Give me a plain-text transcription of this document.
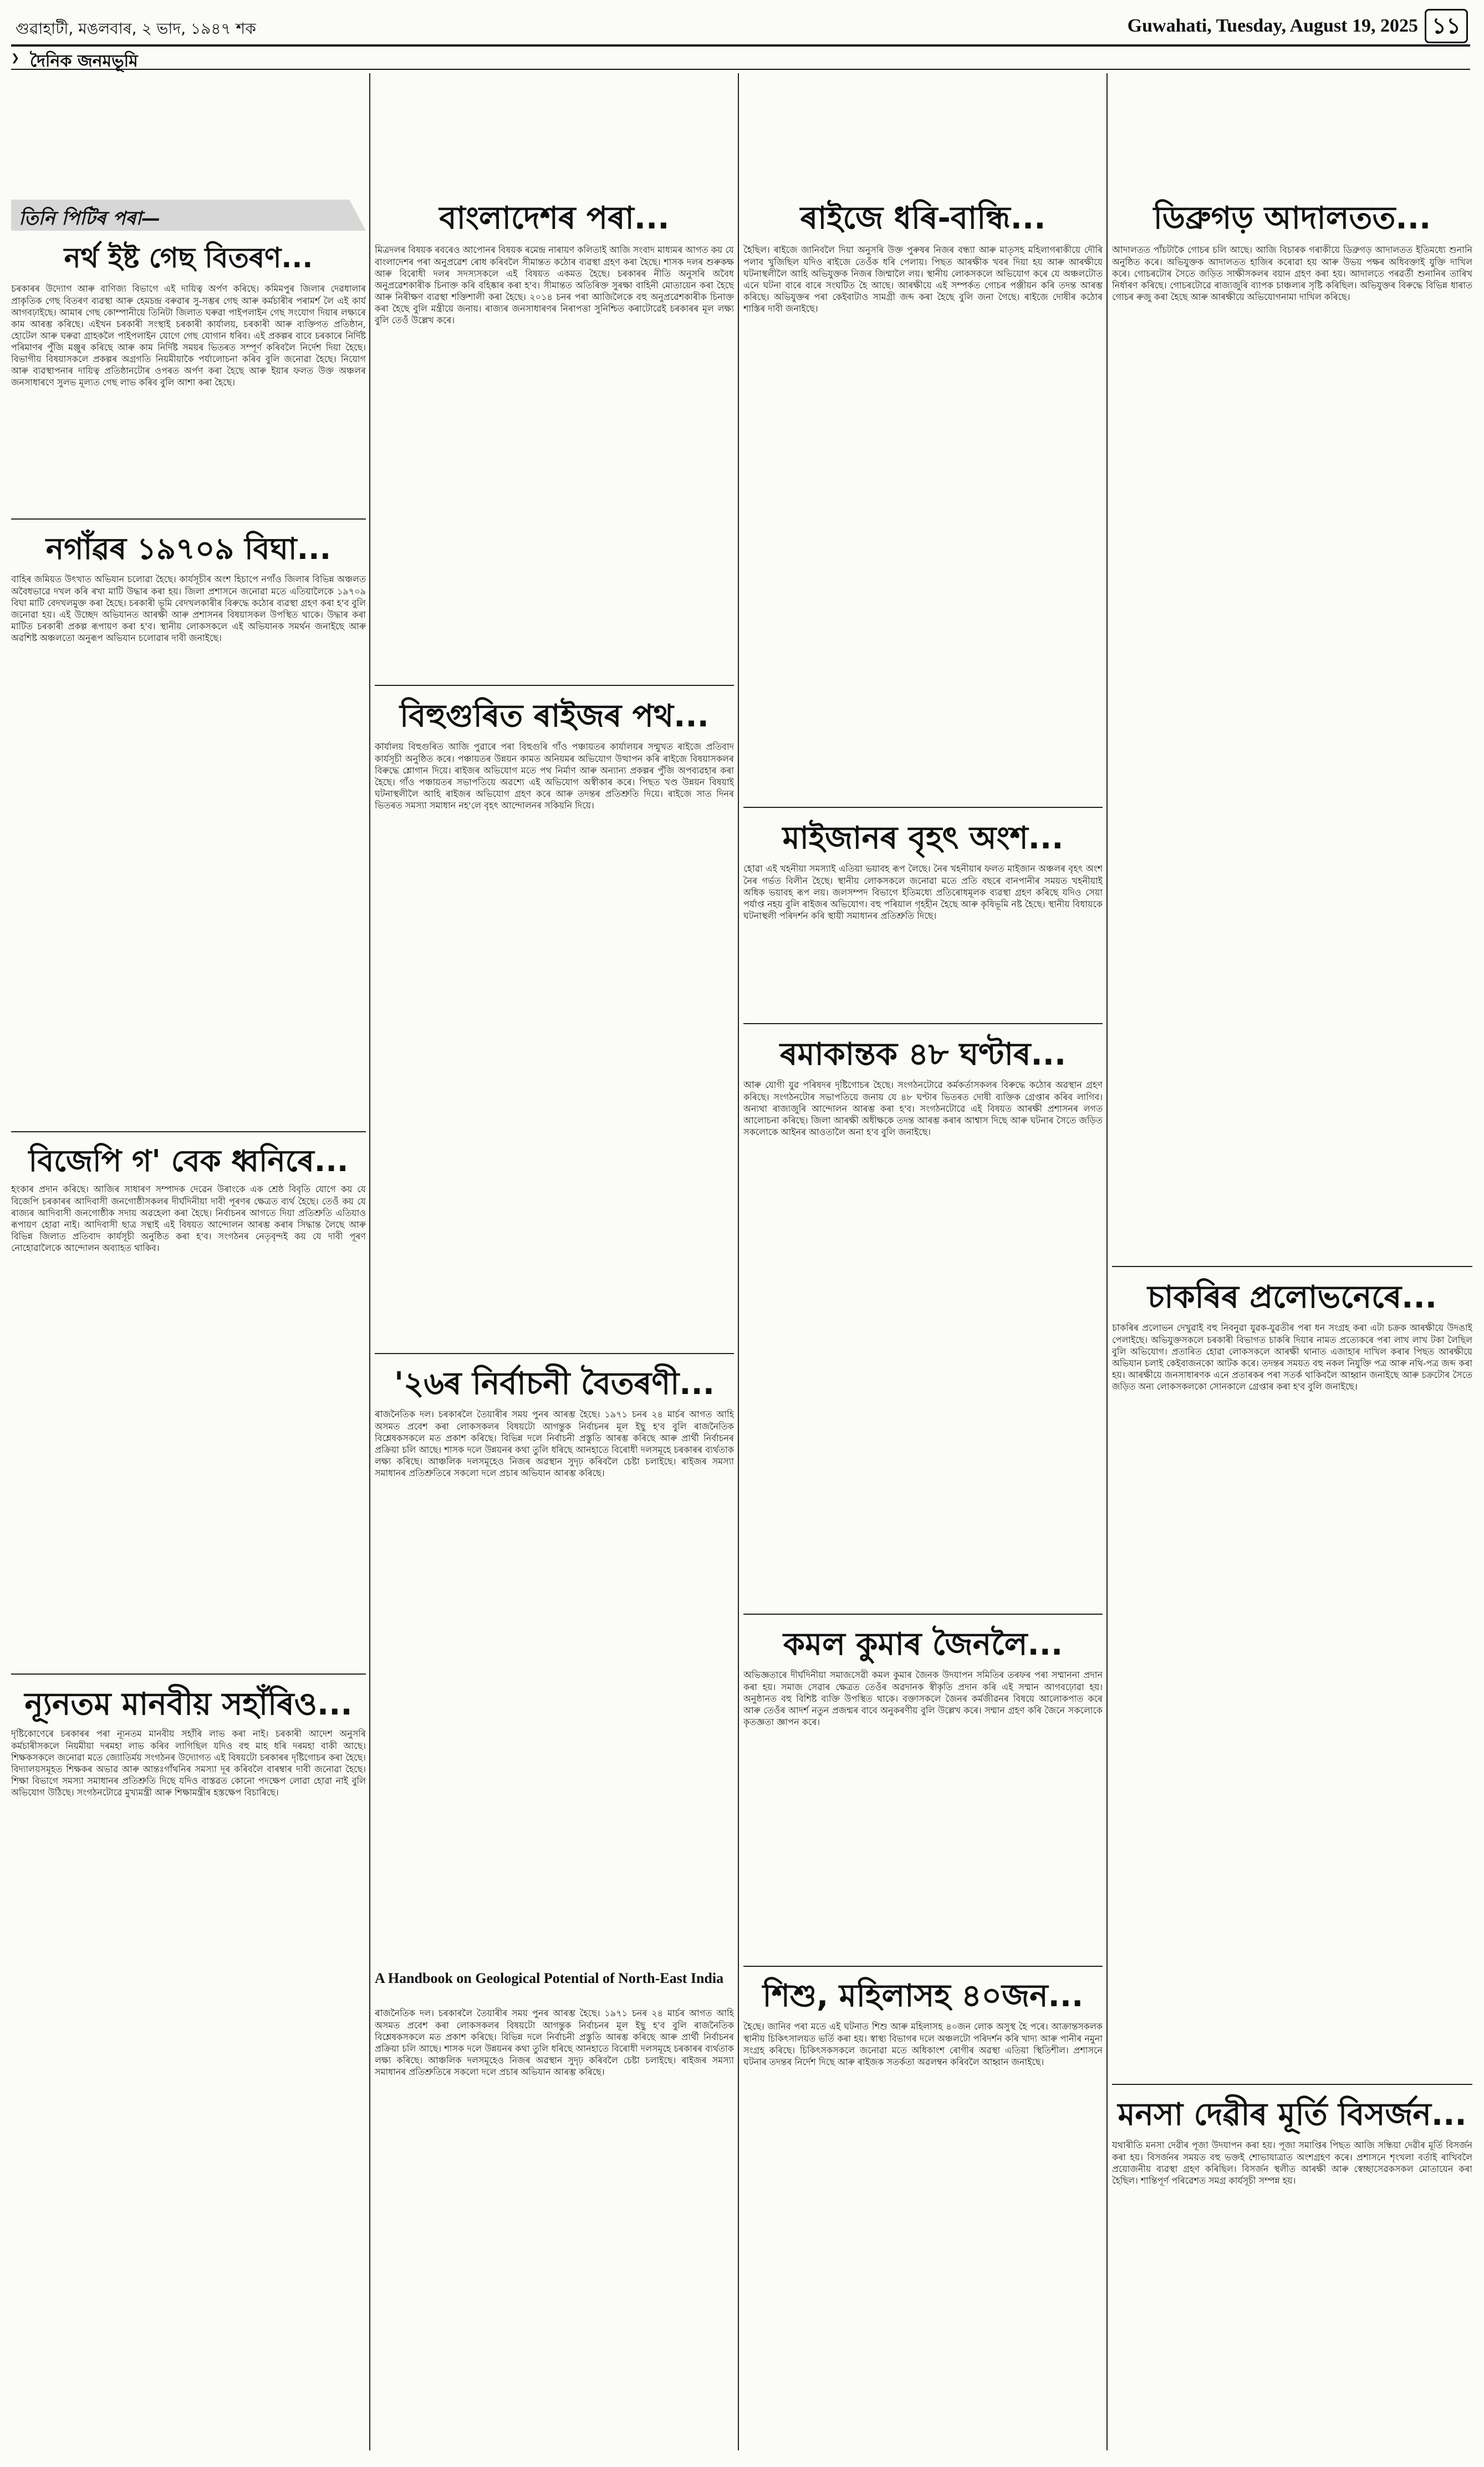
গুৱাহাটী, মঙলবাৰ, ২ ভাদ, ১৯৪৭ শক	Guwahati, Tuesday, August 19, 2025 ১১
❯ দৈনিক জনমভূমি
তিনি পিটিৰ পৰা—
নৰ্থ ইষ্ট গেছ বিতৰণ...
চৰকাৰৰ উদ্যোগ আৰু বাণিজ্য বিভাগে এই দায়িত্ব অৰ্পণ কৰিছে। কমিমপুৰ জিলাৰ দেৱধালাৰ প্ৰাকৃতিক গেছ বিতৰণ ব্যৱস্থা আৰু হেমচন্দ্ৰ বৰুৱাৰ সু-সম্ভৰ গেছ আৰু কৰ্মচাৰীৰ পৰামৰ্শ লৈ এই কাৰ্য আগবঢ়াইছে। আমাৰ গেছ কোম্পানীয়ে তিনিটা জিলাত ঘৰুৱা পাইপলাইন গেছ সংযোগ দিয়াৰ লক্ষ্যৰে কাম আৰম্ভ কৰিছে। এইখন চৰকাৰী সংস্থাই চৰকাৰী কাৰ্যালয়, চৰকাৰী আৰু ব্যক্তিগত প্ৰতিষ্ঠান, হোটেল আৰু ঘৰুৱা গ্ৰাহকলৈ পাইপলাইন যোগে গেছ যোগান ধৰিব। এই প্ৰকল্পৰ বাবে চৰকাৰে নিৰ্দিষ্ট পৰিমাণৰ পুঁজি মঞ্জুৰ কৰিছে আৰু কাম নিৰ্দিষ্ট সময়ৰ ভিতৰত সম্পূৰ্ণ কৰিবলৈ নিৰ্দেশ দিয়া হৈছে। বিভাগীয় বিষয়াসকলে প্ৰকল্পৰ অগ্ৰগতি নিয়মীয়াকৈ পৰ্যালোচনা কৰিব বুলি জনোৱা হৈছে। নিয়োগ আৰু ব্যৱস্থাপনাৰ দায়িত্ব প্ৰতিষ্ঠানটোৰ ওপৰত অৰ্পণ কৰা হৈছে আৰু ইয়াৰ ফলত উক্ত অঞ্চলৰ জনসাধাৰণে সুলভ মূল্যত গেছ লাভ কৰিব বুলি আশা কৰা হৈছে।
নগাঁৱৰ ১৯৭০৯ বিঘা...
বাহিৰ জমিয়ত উৎখাত অভিযান চলোৱা হৈছে। কাৰ্যসূচীৰ অংশ হিচাপে নগাঁও জিলাৰ বিভিন্ন অঞ্চলত অবৈধভাৱে দখল কৰি ৰখা মাটি উদ্ধাৰ কৰা হয়। জিলা প্ৰশাসনে জনোৱা মতে এতিয়ালৈকে ১৯৭০৯ বিঘা মাটি বেদখলমুক্ত কৰা হৈছে। চৰকাৰী ভূমি বেদখলকাৰীৰ বিৰুদ্ধে কঠোৰ ব্যৱস্থা গ্ৰহণ কৰা হ'ব বুলি জনোৱা হয়। এই উচ্ছেদ অভিযানত আৰক্ষী আৰু প্ৰশাসনৰ বিষয়াসকল উপস্থিত থাকে। উদ্ধাৰ কৰা মাটিত চৰকাৰী প্ৰকল্প ৰূপায়ণ কৰা হ'ব। স্থানীয় লোকসকলে এই অভিযানক সমৰ্থন জনাইছে আৰু অৱশিষ্ট অঞ্চলতো অনুৰূপ অভিযান চলোৱাৰ দাবী জনাইছে।
বিজেপি গ' বেক ধ্বনিৰে...
হংকাৰ প্ৰদান কৰিছে। আজিৰ সাধাৰণ সম্পাদক দেৱেন উৰাংকে এক শ্ৰেষ্ঠ বিবৃতি যোগে কয় যে বিজেপি চৰকাৰৰ আদিবাসী জনগোষ্ঠীসকলৰ দীৰ্ঘদিনীয়া দাবী পূৰণৰ ক্ষেত্ৰত ব্যৰ্থ হৈছে। তেওঁ কয় যে ৰাজ্যৰ আদিবাসী জনগোষ্ঠীক সদায় অৱহেলা কৰা হৈছে। নিৰ্বাচনৰ আগতে দিয়া প্ৰতিশ্ৰুতি এতিয়াও ৰূপায়ণ হোৱা নাই। আদিবাসী ছাত্ৰ সন্থাই এই বিষয়ত আন্দোলন আৰম্ভ কৰাৰ সিদ্ধান্ত লৈছে আৰু বিভিন্ন জিলাত প্ৰতিবাদ কাৰ্যসূচী অনুষ্ঠিত কৰা হ'ব। সংগঠনৰ নেতৃবৃন্দই কয় যে দাবী পূৰণ নোহোৱালৈকে আন্দোলন অব্যাহত থাকিব।
ন্যূনতম মানবীয় সহাঁৰিও...
দৃষ্টিকোণেৰে চৰকাৰৰ পৰা ন্যূনতম মানবীয় সহাঁৰি লাভ কৰা নাই। চৰকাৰী আদেশ অনুসৰি কৰ্মচাৰীসকলে নিয়মীয়া দৰমহা লাভ কৰিব লাগিছিল যদিও বহু মাহ ধৰি দৰমহা বাকী আছে। শিক্ষকসকলে জনোৱা মতে জ্যোতিৰ্ময় সংগঠনৰ উদ্যোগত এই বিষয়টো চৰকাৰৰ দৃষ্টিগোচৰ কৰা হৈছে। বিদ্যালয়সমূহত শিক্ষকৰ অভাৱ আৰু আন্তঃগাঁথনিৰ সমস্যা দূৰ কৰিবলৈ বাৰম্বাৰ দাবী জনোৱা হৈছে। শিক্ষা বিভাগে সমস্যা সমাধানৰ প্ৰতিশ্ৰুতি দিছে যদিও বাস্তৱত কোনো পদক্ষেপ লোৱা হোৱা নাই বুলি অভিযোগ উঠিছে। সংগঠনটোৱে মুখ্যমন্ত্ৰী আৰু শিক্ষামন্ত্ৰীৰ হস্তক্ষেপ বিচাৰিছে।
বাংলাদেশৰ পৰা...
মিত্ৰদলৰ বিষয়ক ৰবৰেও আপোনৰ বিষয়ক ৰমেন্দ্ৰ নাৰায়ণ কলিতাই আজি সংবাদ মাধ্যমৰ আগত কয় যে বাংলাদেশৰ পৰা অনুপ্ৰৱেশ ৰোধ কৰিবলৈ সীমান্তত কঠোৰ ব্যৱস্থা গ্ৰহণ কৰা হৈছে। শাসক দলৰ শুৰুকক্ষ আৰু বিৰোধী দলৰ সদস্যসকলে এই বিষয়ত একমত হৈছে। চৰকাৰৰ নীতি অনুসৰি অবৈধ অনুপ্ৰৱেশকাৰীক চিনাক্ত কৰি বহিষ্কাৰ কৰা হ'ব। সীমান্তত অতিৰিক্ত সুৰক্ষা বাহিনী মোতায়েন কৰা হৈছে আৰু নিৰীক্ষণ ব্যৱস্থা শক্তিশালী কৰা হৈছে। ২০১৪ চনৰ পৰা আজিলৈকে বহু অনুপ্ৰৱেশকাৰীক চিনাক্ত কৰা হৈছে বুলি মন্ত্ৰীয়ে জনায়। ৰাজ্যৰ জনসাধাৰণৰ নিৰাপত্তা সুনিশ্চিত কৰাটোৱেই চৰকাৰৰ মূল লক্ষ্য বুলি তেওঁ উল্লেখ কৰে।
বিহুগুৰিত ৰাইজৰ পথ...
কাৰ্যালয় বিহুগুৰিত আজি পুৱাৰে পৰা বিহুগুৰি গাঁও পঞ্চায়তৰ কাৰ্যালয়ৰ সন্মুখত ৰাইজে প্ৰতিবাদ কাৰ্যসূচী অনুষ্ঠিত কৰে। পঞ্চায়তৰ উন্নয়ন কামত অনিয়মৰ অভিযোগ উত্থাপন কৰি ৰাইজে বিষয়াসকলৰ বিৰুদ্ধে শ্লোগান দিয়ে। ৰাইজৰ অভিযোগ মতে পথ নিৰ্মাণ আৰু অন্যান্য প্ৰকল্পৰ পুঁজি অপব্যৱহাৰ কৰা হৈছে। গাঁও পঞ্চায়তৰ সভাপতিয়ে অৱশ্যে এই অভিযোগ অস্বীকাৰ কৰে। পিছত খণ্ড উন্নয়ন বিষয়াই ঘটনাস্থলীলৈ আহি ৰাইজৰ অভিযোগ গ্ৰহণ কৰে আৰু তদন্তৰ প্ৰতিশ্ৰুতি দিয়ে। ৰাইজে সাত দিনৰ ভিতৰত সমস্যা সমাধান নহ'লে বৃহৎ আন্দোলনৰ সকিয়নি দিয়ে।
'২৬ৰ নিৰ্বাচনী বৈতৰণী...
ৰাজনৈতিক দল। চৰকাৰলৈ তৈয়াৰীৰ সময় পুনৰ আৰম্ভ হৈছে। ১৯৭১ চনৰ ২৪ মাৰ্চৰ আগত আহি অসমত প্ৰবেশ কৰা লোকসকলৰ বিষয়টো আগন্তুক নিৰ্বাচনৰ মূল ইছু হ'ব বুলি ৰাজনৈতিক বিশ্লেষকসকলে মত প্ৰকাশ কৰিছে। বিভিন্ন দলে নিৰ্বাচনী প্ৰস্তুতি আৰম্ভ কৰিছে আৰু প্ৰাৰ্থী নিৰ্বাচনৰ প্ৰক্ৰিয়া চলি আছে। শাসক দলে উন্নয়নৰ কথা তুলি ধৰিছে আনহাতে বিৰোধী দলসমূহে চৰকাৰৰ ব্যৰ্থতাক লক্ষ্য কৰিছে। আঞ্চলিক দলসমূহেও নিজৰ অৱস্থান সুদৃঢ় কৰিবলৈ চেষ্টা চলাইছে। ৰাইজৰ সমস্যা সমাধানৰ প্ৰতিশ্ৰুতিৰে সকলো দলে প্ৰচাৰ অভিযান আৰম্ভ কৰিছে।
A Handbook on Geological Potential of North-East India
ৰাজনৈতিক দল। চৰকাৰলৈ তৈয়াৰীৰ সময় পুনৰ আৰম্ভ হৈছে। ১৯৭১ চনৰ ২৪ মাৰ্চৰ আগত আহি অসমত প্ৰবেশ কৰা লোকসকলৰ বিষয়টো আগন্তুক নিৰ্বাচনৰ মূল ইছু হ'ব বুলি ৰাজনৈতিক বিশ্লেষকসকলে মত প্ৰকাশ কৰিছে। বিভিন্ন দলে নিৰ্বাচনী প্ৰস্তুতি আৰম্ভ কৰিছে আৰু প্ৰাৰ্থী নিৰ্বাচনৰ প্ৰক্ৰিয়া চলি আছে। শাসক দলে উন্নয়নৰ কথা তুলি ধৰিছে আনহাতে বিৰোধী দলসমূহে চৰকাৰৰ ব্যৰ্থতাক লক্ষ্য কৰিছে। আঞ্চলিক দলসমূহেও নিজৰ অৱস্থান সুদৃঢ় কৰিবলৈ চেষ্টা চলাইছে। ৰাইজৰ সমস্যা সমাধানৰ প্ৰতিশ্ৰুতিৰে সকলো দলে প্ৰচাৰ অভিযান আৰম্ভ কৰিছে।
ৰাইজে ধৰি-বান্ধি...
হৈছিল। ৰাইজে জানিবলৈ দিয়া অনুসৰি উক্ত পুৰুষৰ নিজৰ বন্ধ্যা আৰু মাতৃসহ মহিলাগৰাকীয়ে দৌৰি পলাব খুজিছিল যদিও ৰাইজে তেওঁক ধৰি পেলায়। পিছত আৰক্ষীক খবৰ দিয়া হয় আৰু আৰক্ষীয়ে ঘটনাস্থলীলৈ আহি অভিযুক্তক নিজৰ জিম্মালৈ লয়। স্থানীয় লোকসকলে অভিযোগ কৰে যে অঞ্চলটোত এনে ঘটনা বাৰে বাৰে সংঘটিত হৈ আছে। আৰক্ষীয়ে এই সম্পৰ্কত গোচৰ পঞ্জীয়ন কৰি তদন্ত আৰম্ভ কৰিছে। অভিযুক্তৰ পৰা কেইবাটাও সামগ্ৰী জব্দ কৰা হৈছে বুলি জনা গৈছে। ৰাইজে দোষীৰ কঠোৰ শাস্তিৰ দাবী জনাইছে।
মাইজানৰ বৃহৎ অংশ...
হোৱা এই খহনীয়া সমস্যাই এতিয়া ভয়াবহ ৰূপ লৈছে। নৈৰ খহনীয়াৰ ফলত মাইজান অঞ্চলৰ বৃহৎ অংশ নৈৰ গৰ্ভত বিলীন হৈছে। স্থানীয় লোকসকলে জনোৱা মতে প্ৰতি বছৰে বানপানীৰ সময়ত খহনীয়াই অধিক ভয়াবহ ৰূপ লয়। জলসম্পদ বিভাগে ইতিমধ্যে প্ৰতিৰোধমূলক ব্যৱস্থা গ্ৰহণ কৰিছে যদিও সেয়া পৰ্যাপ্ত নহয় বুলি ৰাইজৰ অভিযোগ। বহু পৰিয়াল গৃহহীন হৈছে আৰু কৃষিভূমি নষ্ট হৈছে। স্থানীয় বিধায়কে ঘটনাস্থলী পৰিদৰ্শন কৰি স্থায়ী সমাধানৰ প্ৰতিশ্ৰুতি দিছে।
ৰমাকান্তক ৪৮ ঘণ্টাৰ...
আৰু যোগী যুৱ পৰিষদৰ দৃষ্টিগোচৰ হৈছে। সংগঠনটোৱে কৰ্মকৰ্তাসকলৰ বিৰুদ্ধে কঠোৰ অৱস্থান গ্ৰহণ কৰিছে। সংগঠনটোৰ সভাপতিয়ে জনায় যে ৪৮ ঘণ্টাৰ ভিতৰত দোষী ব্যক্তিক গ্ৰেপ্তাৰ কৰিব লাগিব। অন্যথা ৰাজ্যজুৰি আন্দোলন আৰম্ভ কৰা হ'ব। সংগঠনটোৱে এই বিষয়ত আৰক্ষী প্ৰশাসনৰ লগত আলোচনা কৰিছে। জিলা আৰক্ষী অধীক্ষকে তদন্ত আৰম্ভ কৰাৰ আশ্বাস দিছে আৰু ঘটনাৰ সৈতে জড়িত সকলোকে আইনৰ আওতালৈ অনা হ'ব বুলি জনাইছে।
কমল কুমাৰ জৈনলৈ...
অভিজ্ঞতাৰে দীৰ্ঘদিনীয়া সমাজসেৱী কমল কুমাৰ জৈনক উদযাপন সমিতিৰ তৰফৰ পৰা সম্মাননা প্ৰদান কৰা হয়। সমাজ সেৱাৰ ক্ষেত্ৰত তেওঁৰ অৱদানক স্বীকৃতি প্ৰদান কৰি এই সম্মান আগবঢ়োৱা হয়। অনুষ্ঠানত বহু বিশিষ্ট ব্যক্তি উপস্থিত থাকে। বক্তাসকলে জৈনৰ কৰ্মজীৱনৰ বিষয়ে আলোকপাত কৰে আৰু তেওঁৰ আদৰ্শ নতুন প্ৰজন্মৰ বাবে অনুকৰণীয় বুলি উল্লেখ কৰে। সম্মান গ্ৰহণ কৰি জৈনে সকলোকে কৃতজ্ঞতা জ্ঞাপন কৰে।
শিশু, মহিলাসহ ৪০জন...
হৈছে। জানিব পৰা মতে এই ঘটনাত শিশু আৰু মহিলাসহ ৪০জন লোক অসুস্থ হৈ পৰে। আক্ৰান্তসকলক স্থানীয় চিকিৎসালয়ত ভৰ্তি কৰা হয়। স্বাস্থ্য বিভাগৰ দলে অঞ্চলটো পৰিদৰ্শন কৰি খাদ্য আৰু পানীৰ নমুনা সংগ্ৰহ কৰিছে। চিকিৎসকসকলে জনোৱা মতে অধিকাংশ ৰোগীৰ অৱস্থা এতিয়া স্থিতিশীল। প্ৰশাসনে ঘটনাৰ তদন্তৰ নিৰ্দেশ দিছে আৰু ৰাইজক সতৰ্কতা অৱলম্বন কৰিবলৈ আহ্বান জনাইছে।
ডিব্ৰুগড় আদালতত...
আদালতত পাঁচটাকৈ গোচৰ চলি আছে। আজি বিচাৰক গৰাকীয়ে ডিব্ৰুগড় আদালতত ইতিমধ্যে শুনানি অনুষ্ঠিত কৰে। অভিযুক্তক আদালতত হাজিৰ কৰোৱা হয় আৰু উভয় পক্ষৰ অধিবক্তাই যুক্তি দাখিল কৰে। গোচৰটোৰ সৈতে জড়িত সাক্ষীসকলৰ বয়ান গ্ৰহণ কৰা হয়। আদালতে পৰৱৰ্তী শুনানিৰ তাৰিখ নিৰ্ধাৰণ কৰিছে। গোচৰটোৱে ৰাজ্যজুৰি ব্যাপক চাঞ্চল্যৰ সৃষ্টি কৰিছিল। অভিযুক্তৰ বিৰুদ্ধে বিভিন্ন ধাৰাত গোচৰ ৰুজু কৰা হৈছে আৰু আৰক্ষীয়ে অভিযোগনামা দাখিল কৰিছে।
চাকৰিৰ প্ৰলোভনেৰে...
চাকৰিৰ প্ৰলোভন দেখুৱাই বহু নিবনুৱা যুৱক-যুৱতীৰ পৰা ধন সংগ্ৰহ কৰা এটা চক্ৰক আৰক্ষীয়ে উদঙাই পেলাইছে। অভিযুক্তসকলে চৰকাৰী বিভাগত চাকৰি দিয়াৰ নামত প্ৰত্যেকৰে পৰা লাখ লাখ টকা লৈছিল বুলি অভিযোগ। প্ৰতাৰিত হোৱা লোকসকলে আৰক্ষী থানাত এজাহাৰ দাখিল কৰাৰ পিছত আৰক্ষীয়ে অভিযান চলাই কেইবাজনকো আটক কৰে। তদন্তৰ সময়ত বহু নকল নিযুক্তি পত্ৰ আৰু নথি-পত্ৰ জব্দ কৰা হয়। আৰক্ষীয়ে জনসাধাৰণক এনে প্ৰতাৰকৰ পৰা সতৰ্ক থাকিবলৈ আহ্বান জনাইছে আৰু চক্ৰটোৰ সৈতে জড়িত অন্য লোকসকলকো সোনকালে গ্ৰেপ্তাৰ কৰা হ'ব বুলি জনাইছে।
মনসা দেৱীৰ মূৰ্তি বিসৰ্জন...
যথাৰীতি মনসা দেৱীৰ পূজা উদযাপন কৰা হয়। পূজা সমাপ্তিৰ পিছত আজি সন্ধিয়া দেৱীৰ মূৰ্তি বিসৰ্জন কৰা হয়। বিসৰ্জনৰ সময়ত বহু ভক্তই শোভাযাত্ৰাত অংশগ্ৰহণ কৰে। প্ৰশাসনে শৃংখলা বৰ্তাই ৰাখিবলৈ প্ৰয়োজনীয় ব্যৱস্থা গ্ৰহণ কৰিছিল। বিসৰ্জন স্থলীত আৰক্ষী আৰু স্বেচ্ছাসেৱকসকল মোতায়েন কৰা হৈছিল। শান্তিপূৰ্ণ পৰিৱেশত সমগ্ৰ কাৰ্যসূচী সম্পন্ন হয়।
